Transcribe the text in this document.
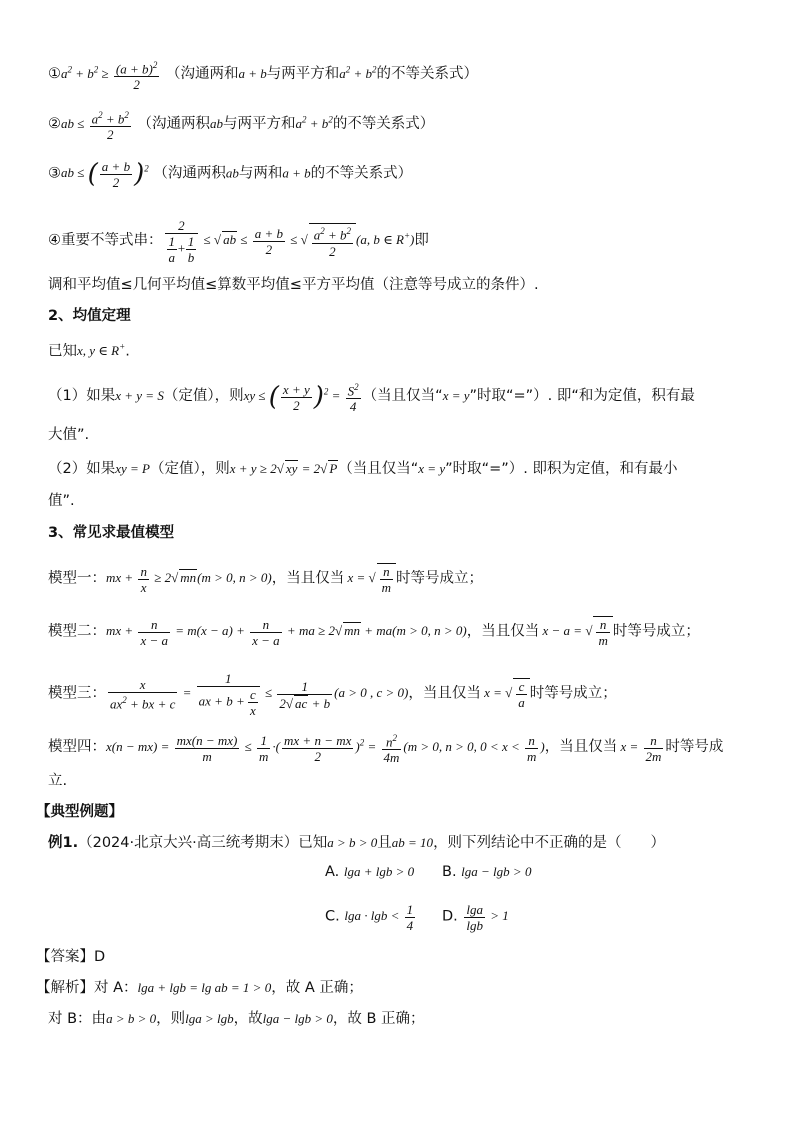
$①a^2 + b^2 \ge \frac{(a + b)^2}{2}$ （沟通两和a + b与两平方和$a^2 + b^2$的不等关系式）
②ab ≤ $\frac{a^2 + b^2}{2}$ （沟通两积ab与两平方和$a^2 + b^2$的不等关系式）
③ab ≤ ( $\frac{a + b}{2} )^2$ （沟通两积ab与两和a + b的不等关系式）
④重要不等式串： $\frac{2}{\frac{1}{a} + \frac{1}{b}}$ ≤ √ ab ≤ $\frac{a + b}{2}$ ≤ √ $\frac{a^2 + b^2}{2} (a$, b ∈ R+)即
调和平均值≤几何平均值≤算数平均值≤平方平均值（注意等号成立的条件）.
2、均值定理
已知x, y ∈ R+.
（1）如果x + y = S（定值），则xy ≤ ( $\frac{x + y}{2} )^2 = \frac{S^2}{4}$ （当且仅当“x = y”时取“=”）. 即“和为定值，积有最
大值”.
（2）如果xy = P（定值），则x + y ≥ 2√ xy = 2√ P（当且仅当“x = y”时取“=”）. 即积为定值，和有最小
值”.
3、常见求最值模型
模型一：mx + $\frac{n}{x} \ge 2√$ mn(m > 0, n > 0)，当且仅当 x = √ $\frac{n}{m}$ 时等号成立；
模型二：mx + $\frac{n}{x - a} = m(x - a) + \frac{n}{x - a}$ + ma ≥ 2√ mn + ma(m > 0, n > 0)，当且仅当 x − a = √ $\frac{n}{m}$ 时等号成立；
模型三： $\frac{x}{ax^2 + bx + c} = \frac{1}{ax + b + \frac{c}{x}} \le \frac{1}{2√ ac + b} (a > 0$ , c > 0)，当且仅当 x = √ $\frac{c}{a}$ 时等号成立；
模型四：$x(n - mx) = \frac{mx(n - mx)}{m} \le \frac{1}{m}$ ·( $\frac{mx + n - mx}{2} )^2 = \frac{n^2}{4m} (m > 0$, n > 0, $0 < x < \frac{n}{m}$ )，当且仅当 $x = \frac{n}{2m}$ 时等号成
立.
【典型例题】
例1.（2024·北京大兴·高三统考期末）已知a > b > 0且ab = 10，则下列结论中不正确的是（　　）
A. lga + lgb > 0 B. lga − lgb > 0
C. $\lg a \cdot \lg b < \frac{1}{4} D$. $\frac{\lg a}{\lg b} > 1$
【答案】D
【解析】对 A：lga + lgb = lg ab = 1 > 0，故 A 正确；
对 B：由a > b > 0，则lga > lgb，故lga − lgb > 0，故 B 正确；
